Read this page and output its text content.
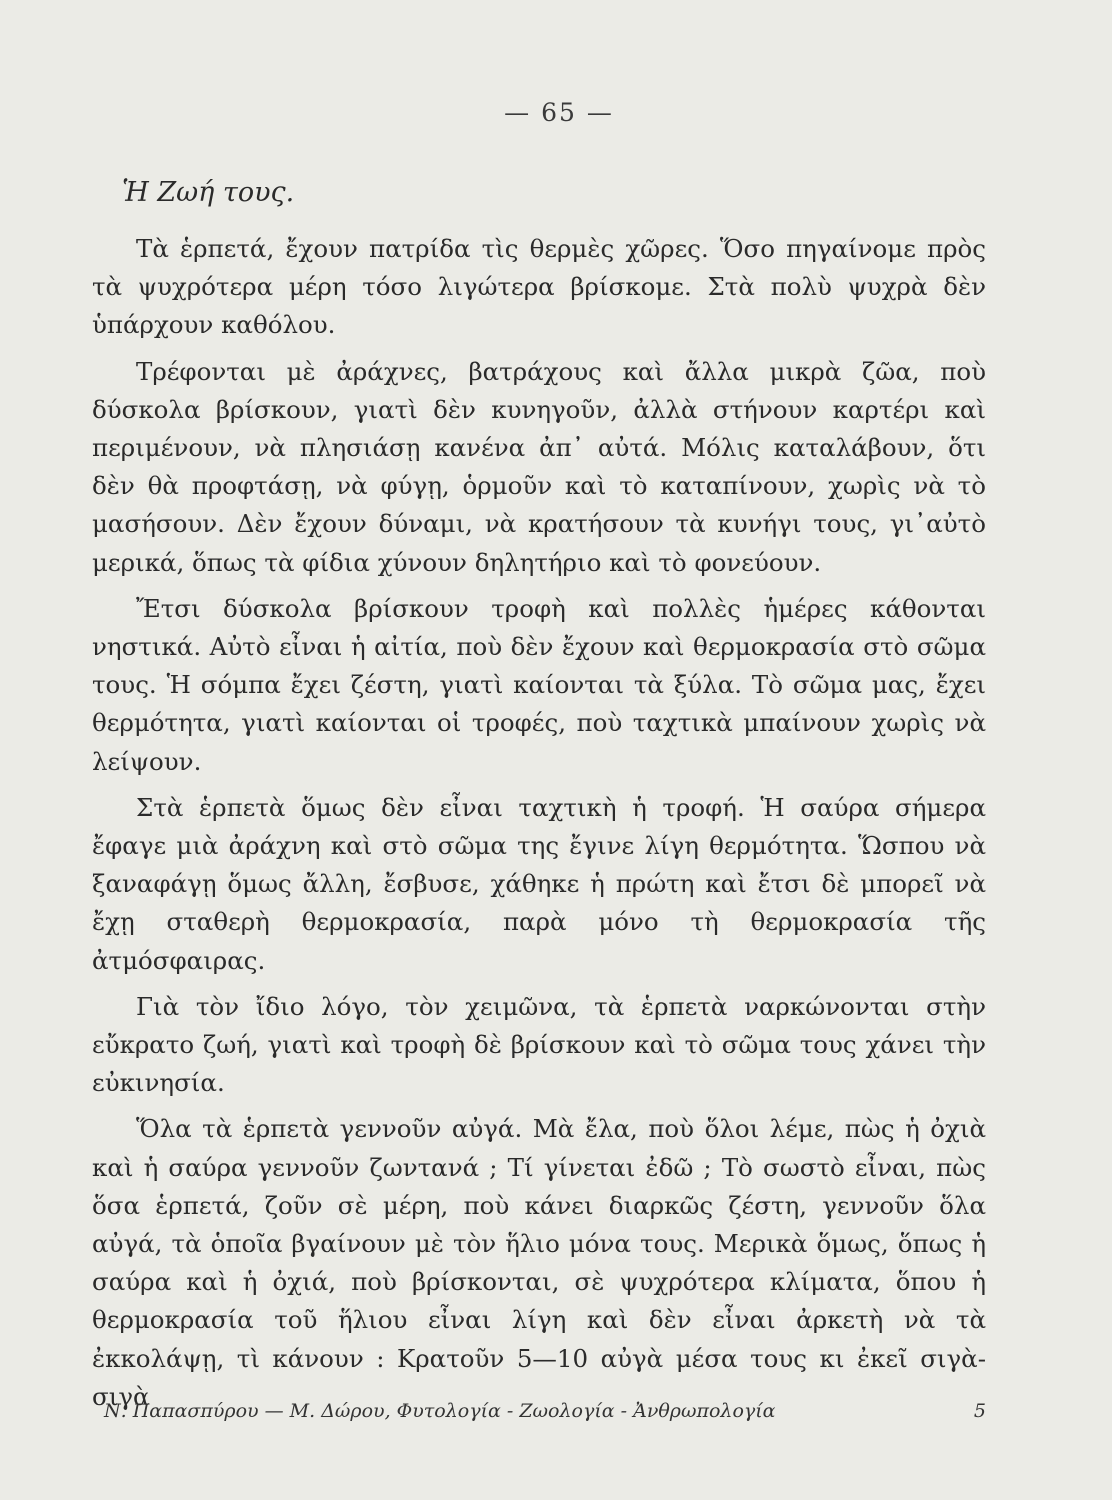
— 65 —
Ἡ Ζωή τους.

Τὰ ἑρπετά, ἔχουν πατρίδα τὶς θερμὲς χῶρες. Ὅσο πηγαίνομε πρὸς τὰ ψυχρότερα μέρη τόσο λιγώτερα βρίσκομε. Στὰ πολὺ ψυχρὰ δὲν ὑπάρχουν καθόλου.

Τρέφονται μὲ ἀράχνες, βατράχους καὶ ἄλλα μικρὰ ζῶα, ποὺ δύσκολα βρίσκουν, γιατὶ δὲν κυνηγοῦν, ἀλλὰ στήνουν καρτέρι καὶ περιμένουν, νὰ πλησιάσῃ κανένα ἀπ᾿ αὐτά. Μόλις καταλάβουν, ὅτι δὲν θὰ προφτάσῃ, νὰ φύγῃ, ὁρμοῦν καὶ τὸ καταπίνουν, χωρὶς νὰ τὸ μασήσουν. Δὲν ἔχουν δύναμι, νὰ κρατήσουν τὰ κυνήγι τους, γι᾿αὐτὸ μερικά, ὅπως τὰ φίδια χύνουν δηλητήριο καὶ τὸ φονεύουν.

Ἔτσι δύσκολα βρίσκουν τροφὴ καὶ πολλὲς ἡμέρες κάθονται νηστικά. Αὐτὸ εἶναι ἡ αἰτία, ποὺ δὲν ἔχουν καὶ θερμοκρασία στὸ σῶμα τους. Ἡ σόμπα ἔχει ζέστη, γιατὶ καίονται τὰ ξύλα. Τὸ σῶμα μας, ἔχει θερμότητα, γιατὶ καίονται οἱ τροφές, ποὺ ταχτικὰ μπαίνουν χωρὶς νὰ λείψουν.

Στὰ ἑρπετὰ ὅμως δὲν εἶναι ταχτικὴ ἡ τροφή. Ἡ σαύρα σήμερα ἔφαγε μιὰ ἀράχνη καὶ στὸ σῶμα της ἔγινε λίγη θερμότητα. Ὥσπου νὰ ξαναφάγῃ ὅμως ἄλλη, ἔσβυσε, χάθηκε ἡ πρώτη καὶ ἔτσι δὲ μπορεῖ νὰ ἔχῃ σταθερὴ θερμοκρασία, παρὰ μόνο τὴ θερμοκρασία τῆς ἀτμόσφαιρας.

Γιὰ τὸν ἴδιο λόγο, τὸν χειμῶνα, τὰ ἑρπετὰ ναρκώνονται στὴν εὔκρατο ζωή, γιατὶ καὶ τροφὴ δὲ βρίσκουν καὶ τὸ σῶμα τους χάνει τὴν εὐκινησία.

Ὅλα τὰ ἑρπετὰ γεννοῦν αὐγά. Μὰ ἔλα, ποὺ ὅλοι λέμε, πὼς ἡ ὀχιὰ καὶ ἡ σαύρα γεννοῦν ζωντανά ; Τί γίνεται ἐδῶ ; Τὸ σωστὸ εἶναι, πὼς ὅσα ἑρπετά, ζοῦν σὲ μέρη, ποὺ κάνει διαρκῶς ζέστη, γεννοῦν ὅλα αὐγά, τὰ ὁποῖα βγαίνουν μὲ τὸν ἥλιο μόνα τους. Μερικὰ ὅμως, ὅπως ἡ σαύρα καὶ ἡ ὀχιά, ποὺ βρίσκονται, σὲ ψυχρότερα κλίματα, ὅπου ἡ θερμοκρασία τοῦ ἥλιου εἶναι λίγη καὶ δὲν εἶναι ἀρκετὴ νὰ τὰ ἐκκολάψῃ, τὶ κάνουν : Κρατοῦν 5—10 αὐγὰ μέσα τους κι ἐκεῖ σιγὰ-σιγὰ

Ν. Παπασπύρου — Μ. Δώρου, Φυτολογία - Ζωολογία - Ἀνθρωπολογία	5
